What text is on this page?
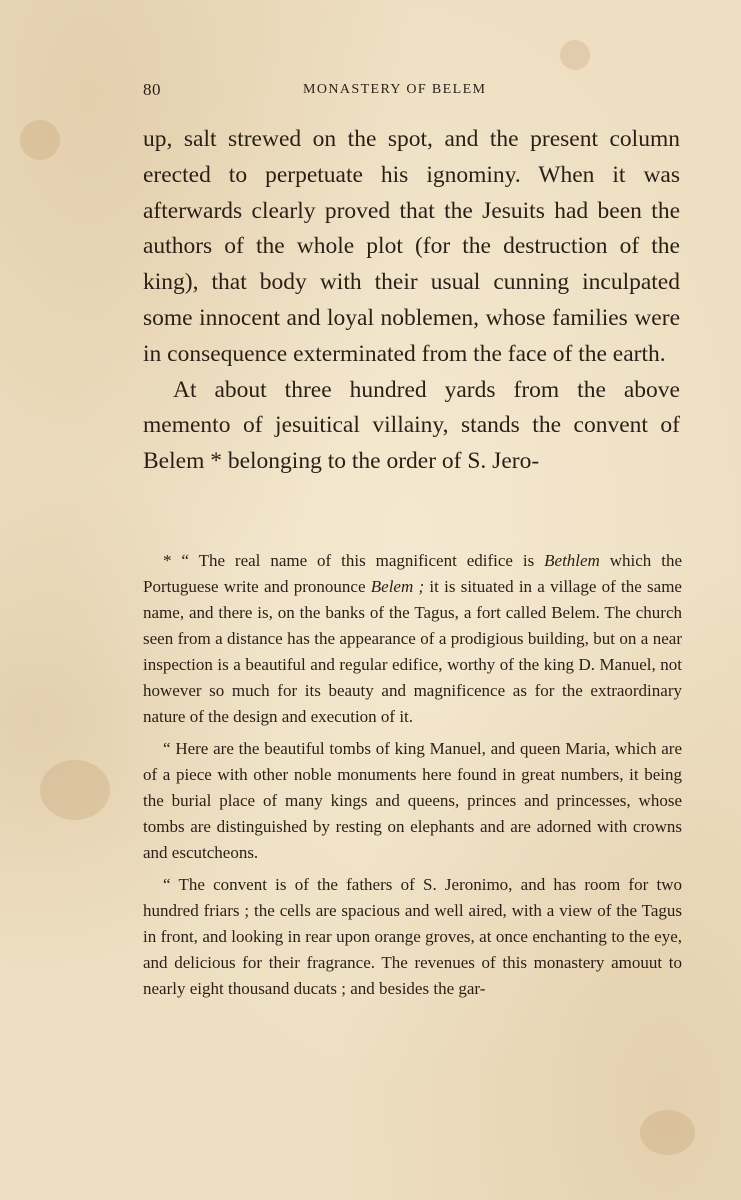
80	MONASTERY OF BELEM

up, salt strewed on the spot, and the present column erected to perpetuate his ignominy. When it was afterwards clearly proved that the Jesuits had been the authors of the whole plot (for the destruction of the king), that body with their usual cunning inculpated some innocent and loyal noblemen, whose families were in consequence exterminated from the face of the earth.

At about three hundred yards from the above memento of jesuitical villainy, stands the convent of Belem * belonging to the order of S. Jero-

* “ The real name of this magnificent edifice is Bethlem which the Portuguese write and pronounce Belem ; it is situated in a village of the same name, and there is, on the banks of the Tagus, a fort called Belem. The church seen from a distance has the appearance of a prodigious building, but on a near inspection is a beautiful and regular edifice, worthy of the king D. Manuel, not however so much for its beauty and magnificence as for the extraordinary nature of the design and execution of it.

“ Here are the beautiful tombs of king Manuel, and queen Maria, which are of a piece with other noble monuments here found in great numbers, it being the burial place of many kings and queens, princes and princesses, whose tombs are distinguished by resting on elephants and are adorned with crowns and escutcheons.

“ The convent is of the fathers of S. Jeronimo, and has room for two hundred friars ; the cells are spacious and well aired, with a view of the Tagus in front, and looking in rear upon orange groves, at once enchanting to the eye, and delicious for their fragrance. The revenues of this monastery amouut to nearly eight thousand ducats ; and besides the gar-
